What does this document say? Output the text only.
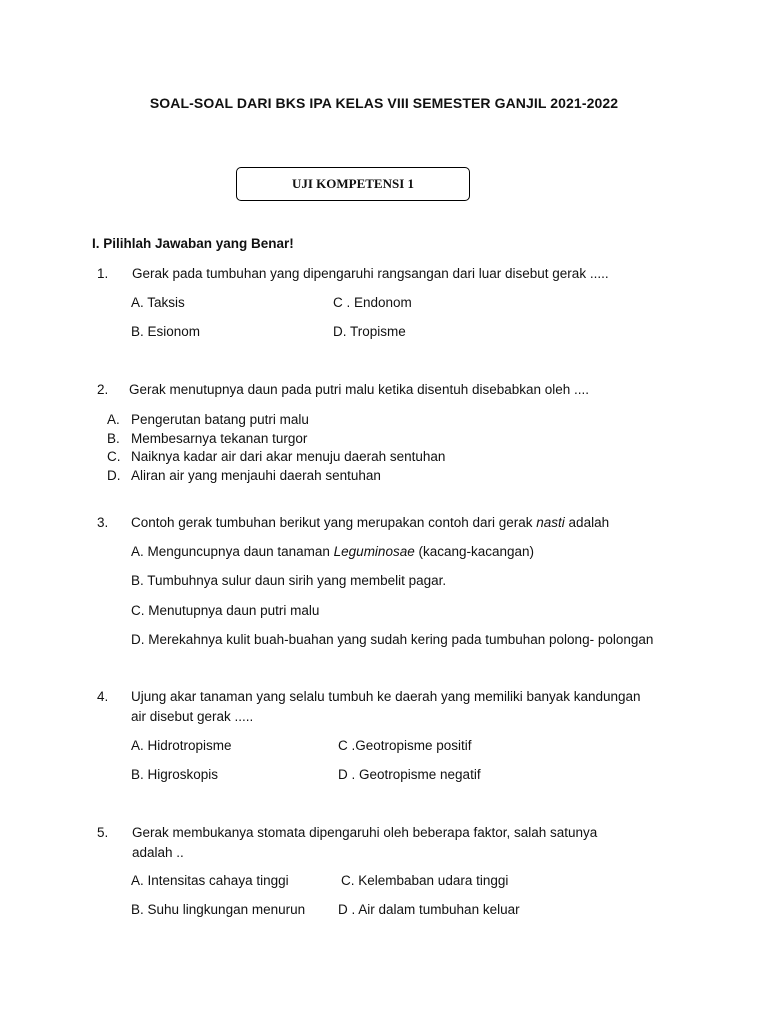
SOAL-SOAL DARI BKS IPA KELAS VIII SEMESTER GANJIL 2021-2022
UJI KOMPETENSI 1
I. Pilihlah Jawaban yang Benar!
1. Gerak pada tumbuhan yang dipengaruhi rangsangan dari luar disebut gerak .....
A. Taksis	C . Endonom
B. Esionom	D. Tropisme
2. Gerak menutupnya daun pada putri malu ketika disentuh disebabkan oleh ....
A. Pengerutan batang putri malu
B. Membesarnya tekanan turgor
C. Naiknya kadar air dari akar menuju daerah sentuhan
D. Aliran air yang menjauhi daerah sentuhan
3. Contoh gerak tumbuhan berikut yang merupakan contoh dari gerak nasti adalah
A. Menguncupnya daun tanaman Leguminosae (kacang-kacangan)
B. Tumbuhnya sulur daun sirih yang membelit pagar.
C. Menutupnya daun putri malu
D. Merekahnya kulit buah-buahan yang sudah kering pada tumbuhan polong- polongan
4. Ujung akar tanaman yang selalu tumbuh ke daerah yang memiliki banyak kandungan
air disebut gerak .....
A. Hidrotropisme	C .Geotropisme positif
B. Higroskopis	D . Geotropisme negatif
5. Gerak membukanya stomata dipengaruhi oleh beberapa faktor, salah satunya
adalah ..
A. Intensitas cahaya tinggi	C. Kelembaban udara tinggi
B. Suhu lingkungan menurun D . Air dalam tumbuhan keluar
